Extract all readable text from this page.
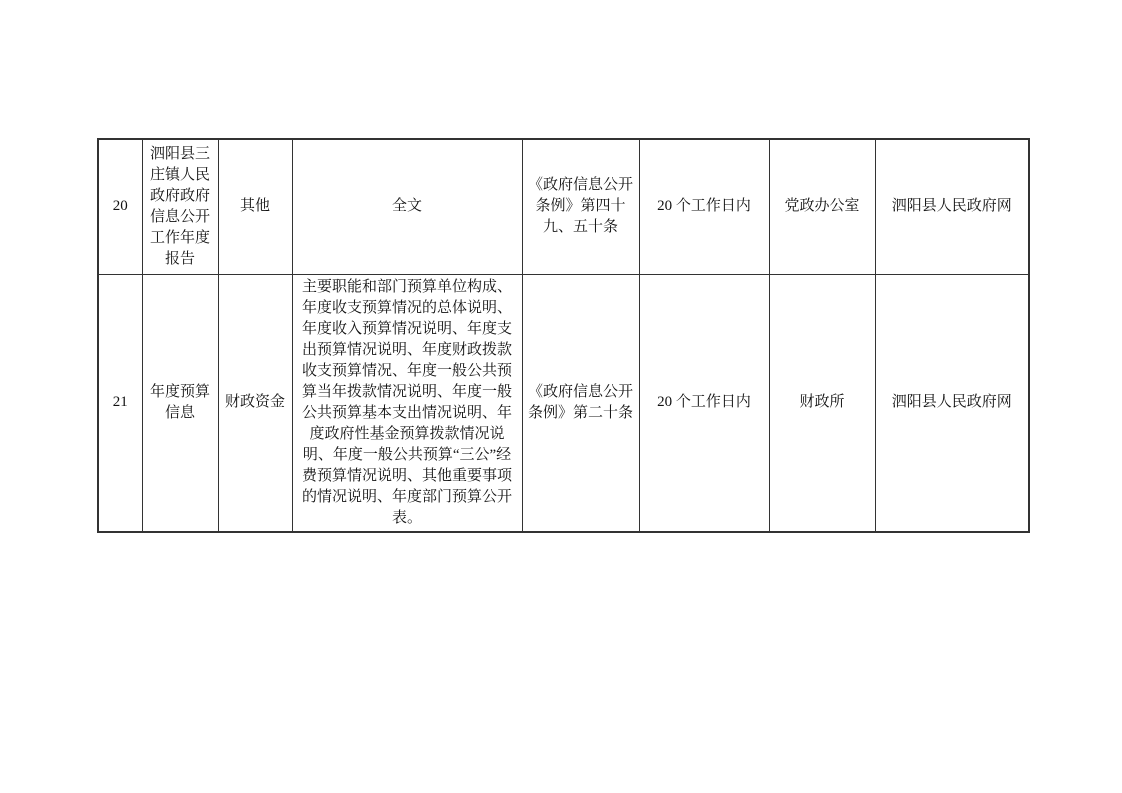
20	泗阳县三庄镇人民政府政府信息公开工作年度报告	其他	全文	《政府信息公开条例》第四十九、五十条	20 个工作日内	党政办公室	泗阳县人民政府网
21	年度预算信息	财政资金	主要职能和部门预算单位构成、年度收支预算情况的总体说明、年度收入预算情况说明、年度支出预算情况说明、年度财政拨款收支预算情况、年度一般公共预算当年拨款情况说明、年度一般公共预算基本支出情况说明、年度政府性基金预算拨款情况说明、年度一般公共预算“三公”经费预算情况说明、其他重要事项的情况说明、年度部门预算公开表。	《政府信息公开条例》第二十条	20 个工作日内	财政所	泗阳县人民政府网
